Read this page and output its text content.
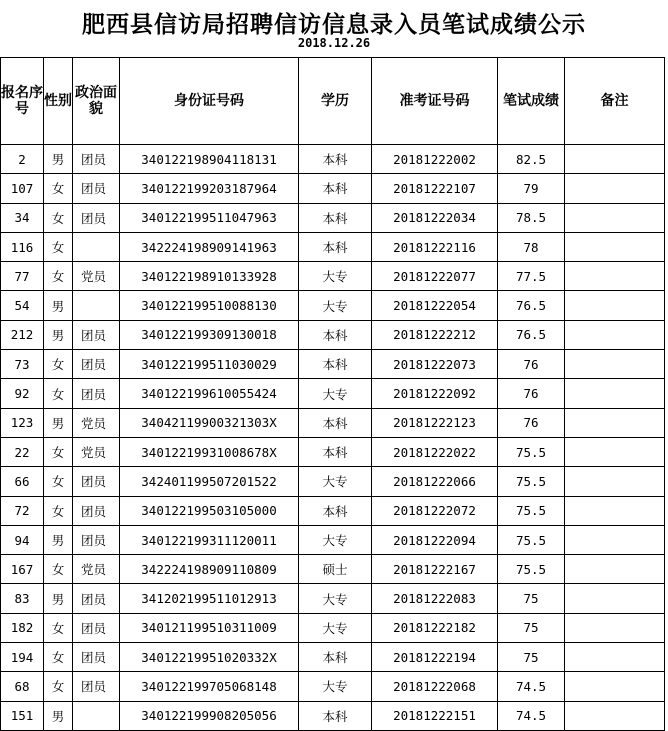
肥西县信访局招聘信访信息录入员笔试成绩公示
2018.12.26
报名序号	性别	政治面貌	身份证号码	学历	准考证号码	笔试成绩	备注
2	男	团员	340122198904118131	本科	20181222002	82.5	
107	女	团员	340122199203187964	本科	20181222107	79	
34	女	团员	340122199511047963	本科	20181222034	78.5	
116	女		342224198909141963	本科	20181222116	78	
77	女	党员	340122198910133928	大专	20181222077	77.5	
54	男		340122199510088130	大专	20181222054	76.5	
212	男	团员	340122199309130018	本科	20181222212	76.5	
73	女	团员	340122199511030029	本科	20181222073	76	
92	女	团员	340122199610055424	大专	20181222092	76	
123	男	党员	34042119900321303X	本科	20181222123	76	
22	女	党员	34012219931008678X	本科	20181222022	75.5	
66	女	团员	342401199507201522	大专	20181222066	75.5	
72	女	团员	340122199503105000	本科	20181222072	75.5	
94	男	团员	340122199311120011	大专	20181222094	75.5	
167	女	党员	342224198909110809	硕士	20181222167	75.5	
83	男	团员	341202199511012913	大专	20181222083	75	
182	女	团员	340121199510311009	大专	20181222182	75	
194	女	团员	34012219951020332X	本科	20181222194	75	
68	女	团员	340122199705068148	大专	20181222068	74.5	
151	男		340122199908205056	本科	20181222151	74.5	
